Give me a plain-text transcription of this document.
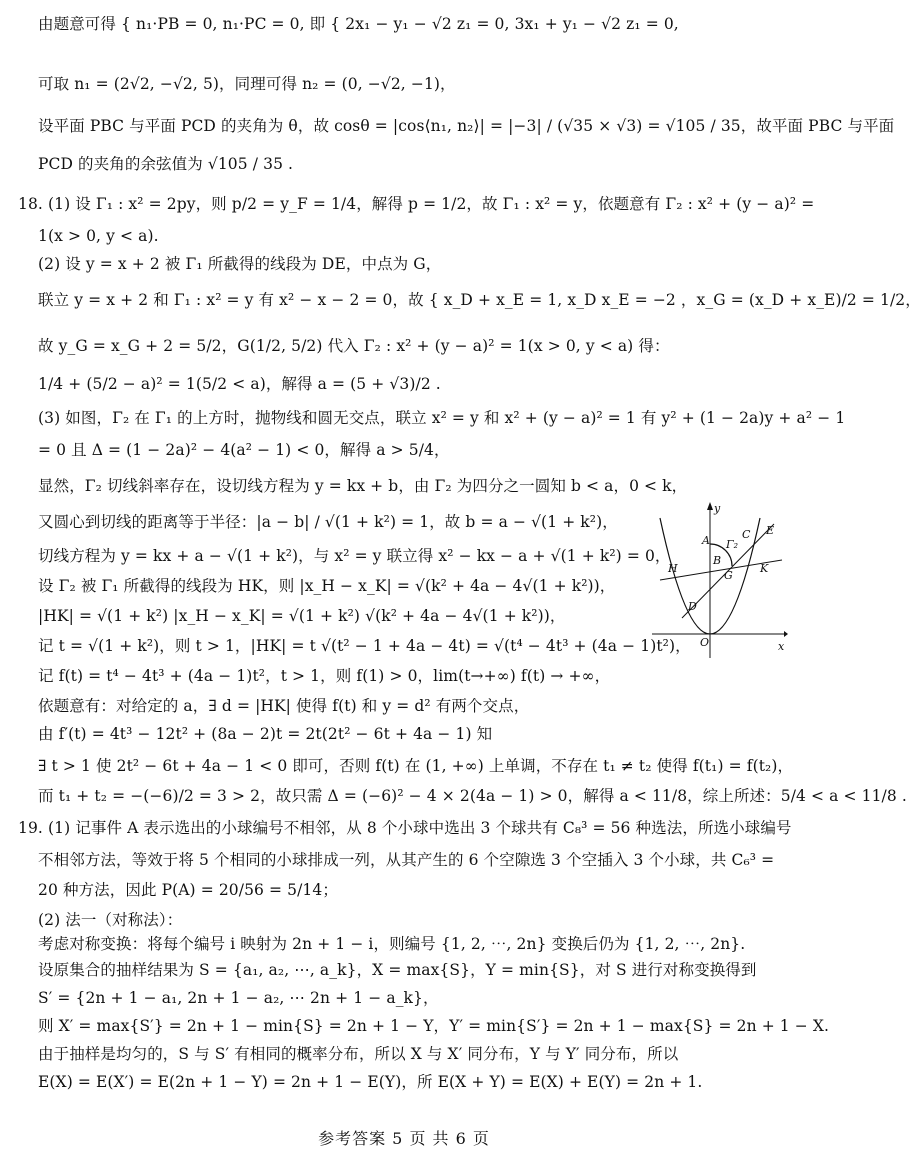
由题意可得 { n₁·PB = 0, n₁·PC = 0, 即 { 2x₁ − y₁ − √2 z₁ = 0, 3x₁ + y₁ − √2 z₁ = 0,
可取 n₁ = (2√2, −√2, 5)，同理可得 n₂ = (0, −√2, −1)，
设平面 PBC 与平面 PCD 的夹角为 θ，故 cosθ = |cos⟨n₁, n₂⟩| = |−3| / (√35 × √3) = √105 / 35，故平面 PBC 与平面
PCD 的夹角的余弦值为 √105 / 35 .
18. (1) 设 Γ₁ : x² = 2py，则 p/2 = y_F = 1/4，解得 p = 1/2，故 Γ₁ : x² = y，依题意有 Γ₂ : x² + (y − a)² =
1(x > 0, y < a).
(2) 设 y = x + 2 被 Γ₁ 所截得的线段为 DE，中点为 G，
联立 y = x + 2 和 Γ₁ : x² = y 有 x² − x − 2 = 0，故 { x_D + x_E = 1, x_D x_E = −2 ，x_G = (x_D + x_E)/2 = 1/2，
故 y_G = x_G + 2 = 5/2，G(1/2, 5/2) 代入 Γ₂ : x² + (y − a)² = 1(x > 0, y < a) 得：
1/4 + (5/2 − a)² = 1(5/2 < a)，解得 a = (5 + √3)/2 .
(3) 如图，Γ₂ 在 Γ₁ 的上方时，抛物线和圆无交点，联立 x² = y 和 x² + (y − a)² = 1 有 y² + (1 − 2a)y + a² − 1
= 0 且 Δ = (1 − 2a)² − 4(a² − 1) < 0，解得 a > 5/4，
显然，Γ₂ 切线斜率存在，设切线方程为 y = kx + b，由 Γ₂ 为四分之一圆知 b < a，0 < k，
又圆心到切线的距离等于半径：|a − b| / √(1 + k²) = 1，故 b = a − √(1 + k²)，
切线方程为 y = kx + a − √(1 + k²)，与 x² = y 联立得 x² − kx − a + √(1 + k²) = 0，
设 Γ₂ 被 Γ₁ 所截得的线段为 HK，则 |x_H − x_K| = √(k² + 4a − 4√(1 + k²))，
|HK| = √(1 + k²) |x_H − x_K| = √(1 + k²) √(k² + 4a − 4√(1 + k²))，
记 t = √(1 + k²)，则 t > 1，|HK| = t √(t² − 1 + 4a − 4t) = √(t⁴ − 4t³ + (4a − 1)t²)，
记 f(t) = t⁴ − 4t³ + (4a − 1)t²，t > 1，则 f(1) > 0，lim(t→+∞) f(t) → +∞，
依题意有：对给定的 a，∃ d = |HK| 使得 f(t) 和 y = d² 有两个交点，
由 f′(t) = 4t³ − 12t² + (8a − 2)t = 2t(2t² − 6t + 4a − 1) 知
∃ t > 1 使 2t² − 6t + 4a − 1 < 0 即可，否则 f(t) 在 (1, +∞) 上单调，不存在 t₁ ≠ t₂ 使得 f(t₁) = f(t₂)，
而 t₁ + t₂ = −(−6)/2 = 3 > 2，故只需 Δ = (−6)² − 4 × 2(4a − 1) > 0，解得 a < 11/8，综上所述：5/4 < a < 11/8 .
19. (1) 记事件 A 表示选出的小球编号不相邻，从 8 个小球中选出 3 个球共有 C₈³ = 56 种选法，所选小球编号
不相邻方法，等效于将 5 个相同的小球排成一列，从其产生的 6 个空隙选 3 个空插入 3 个小球，共 C₆³ =
20 种方法，因此 P(A) = 20/56 = 5/14；
(2) 法一（对称法）：
考虑对称变换：将每个编号 i 映射为 2n + 1 − i，则编号 {1, 2, ⋯, 2n} 变换后仍为 {1, 2, ⋯, 2n}.
设原集合的抽样结果为 S = {a₁, a₂, ⋯, a_k}，X = max{S}，Y = min{S}，对 S 进行对称变换得到
S′ = {2n + 1 − a₁, 2n + 1 − a₂, ⋯ 2n + 1 − a_k}，
则 X′ = max{S′} = 2n + 1 − min{S} = 2n + 1 − Y，Y′ = min{S′} = 2n + 1 − max{S} = 2n + 1 − X.
由于抽样是均匀的，S 与 S′ 有相同的概率分布，所以 X 与 X′ 同分布，Y 与 Y′ 同分布，所以
E(X) = E(X′) = E(2n + 1 − Y) = 2n + 1 − E(Y)，所 E(X + Y) = E(X) + E(Y) = 2n + 1.
y
x
O
A Γ₂
C E
H
B
G
K
D
参考答案 5 页 共 6 页
